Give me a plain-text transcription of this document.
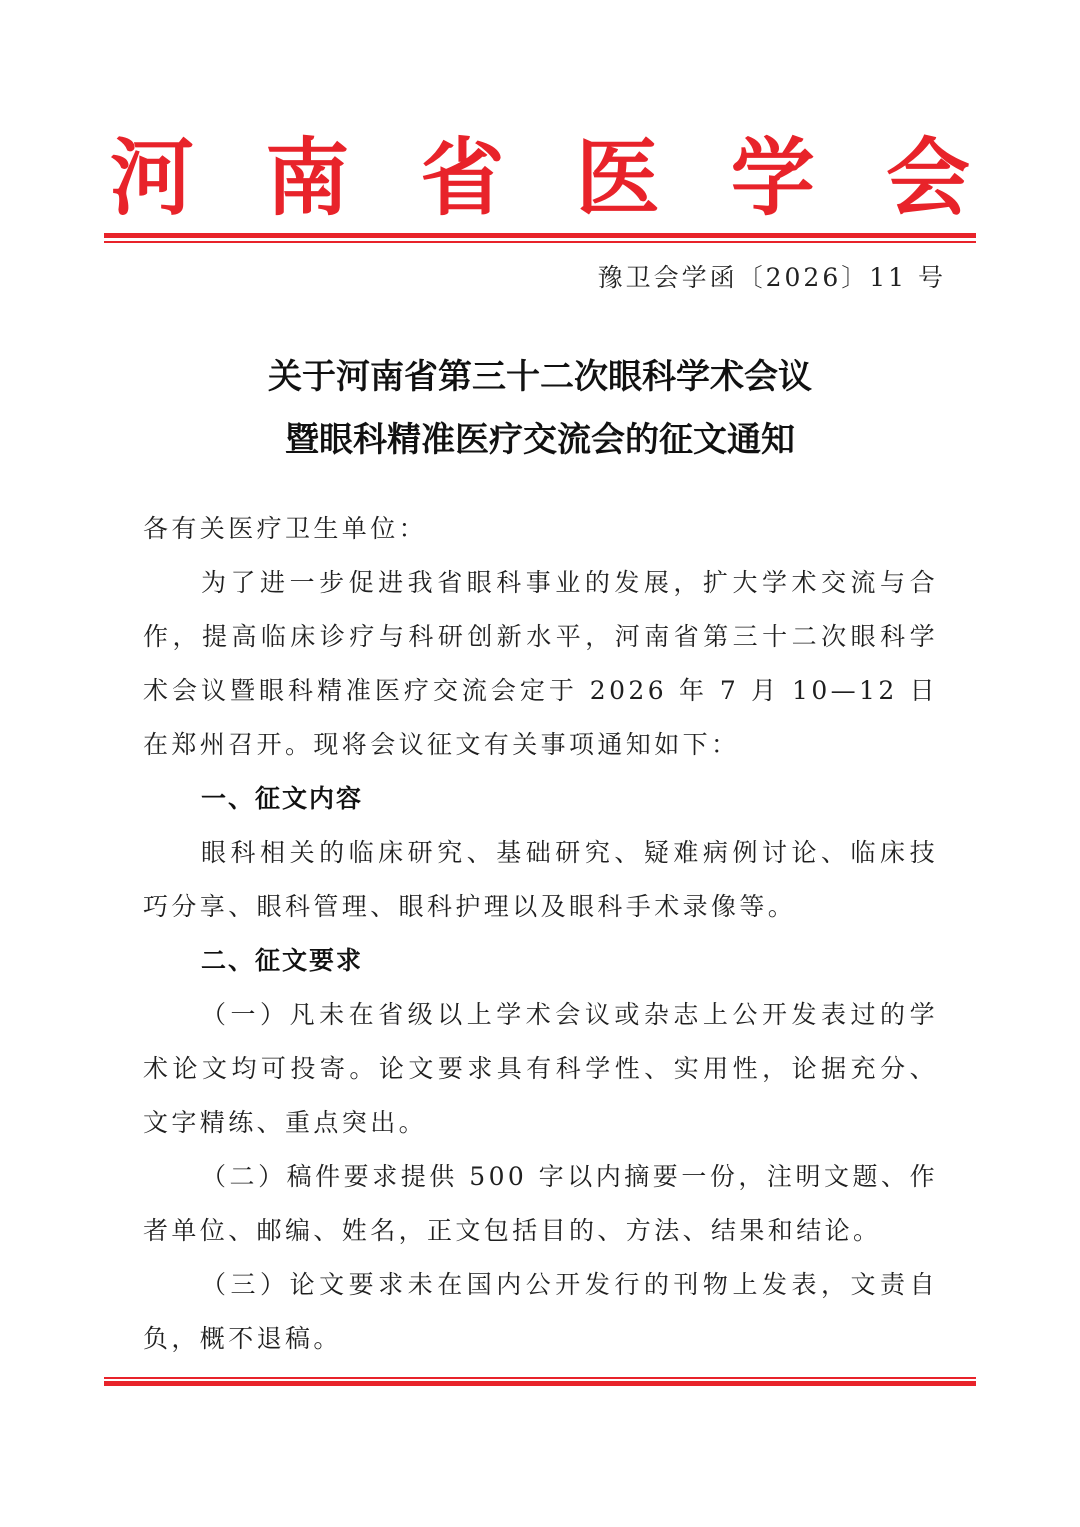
河 南 省 医 学 会
豫卫会学函〔2026〕11 号
关于河南省第三十二次眼科学术会议
暨眼科精准医疗交流会的征文通知

各有关医疗卫生单位：

为了进一步促进我省眼科事业的发展，扩大学术交流与合作，提高临床诊疗与科研创新水平，河南省第三十二次眼科学术会议暨眼科精准医疗交流会定于 2026 年 7 月 10—12 日在郑州召开。现将会议征文有关事项通知如下：

一、征文内容

眼科相关的临床研究、基础研究、疑难病例讨论、临床技巧分享、眼科管理、眼科护理以及眼科手术录像等。

二、征文要求

（一）凡未在省级以上学术会议或杂志上公开发表过的学术论文均可投寄。论文要求具有科学性、实用性，论据充分、文字精练、重点突出。

（二）稿件要求提供 500 字以内摘要一份，注明文题、作者单位、邮编、姓名，正文包括目的、方法、结果和结论。

（三）论文要求未在国内公开发行的刊物上发表，文责自负，概不退稿。
